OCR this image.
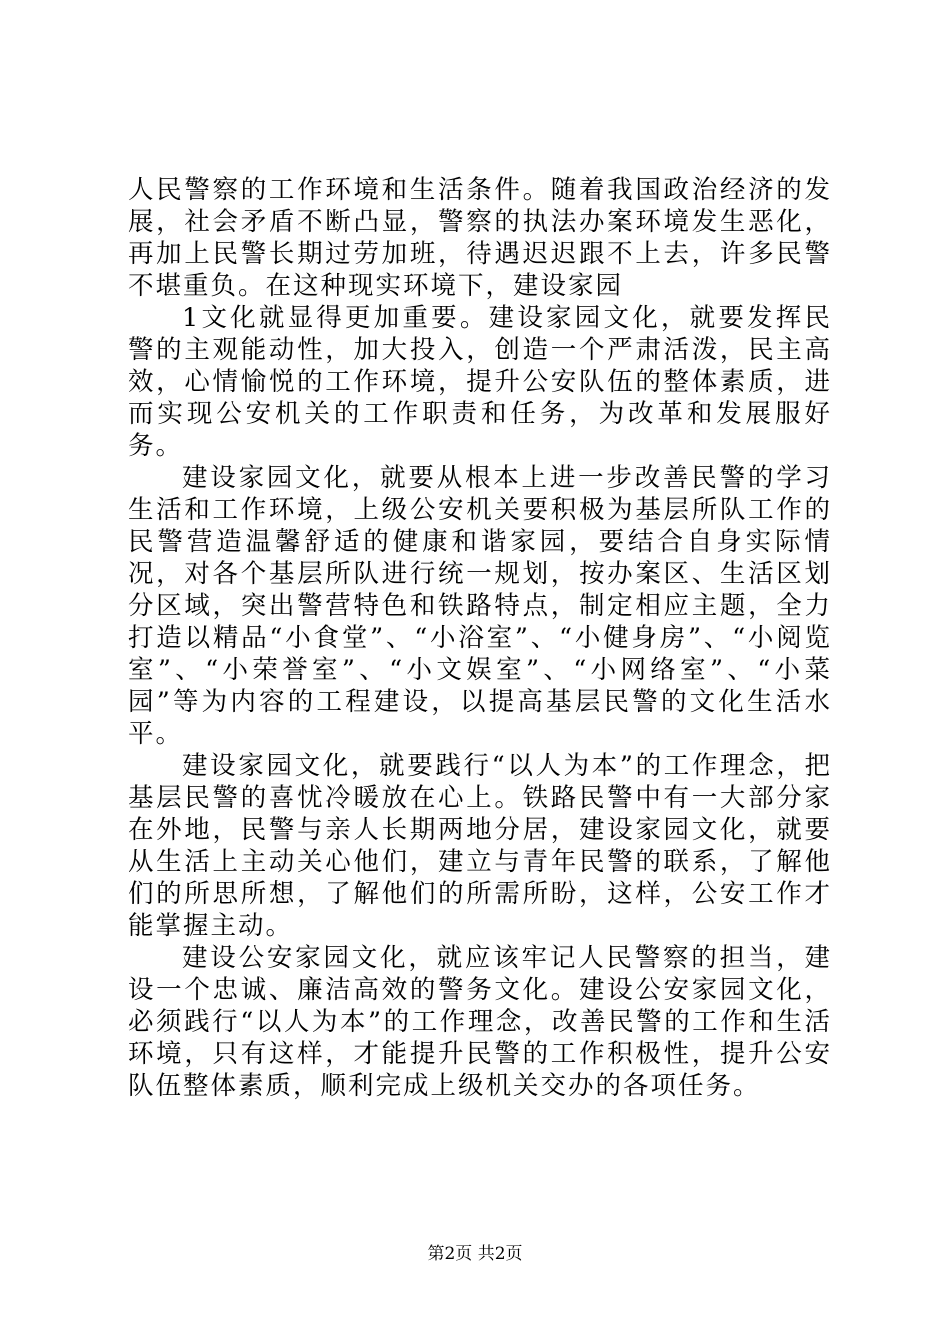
人民警察的工作环境和生活条件。随着我国政治经济的发展，社会矛盾不断凸显，警察的执法办案环境发生恶化，再加上民警长期过劳加班，待遇迟迟跟不上去，许多民警不堪重负。在这种现实环境下，建设家园

1文化就显得更加重要。建设家园文化，就要发挥民警的主观能动性，加大投入，创造一个严肃活泼，民主高效，心情愉悦的工作环境，提升公安队伍的整体素质，进而实现公安机关的工作职责和任务，为改革和发展服好务。

建设家园文化，就要从根本上进一步改善民警的学习生活和工作环境，上级公安机关要积极为基层所队工作的民警营造温馨舒适的健康和谐家园，要结合自身实际情况，对各个基层所队进行统一规划，按办案区、生活区划分区域，突出警营特色和铁路特点，制定相应主题，全力打造以精品“小食堂”、“小浴室”、“小健身房”、“小阅览室”、“小荣誉室”、“小文娱室”、“小网络室”、“小菜园”等为内容的工程建设，以提高基层民警的文化生活水平。

建设家园文化，就要践行“以人为本”的工作理念，把基层民警的喜忧冷暖放在心上。铁路民警中有一大部分家在外地，民警与亲人长期两地分居，建设家园文化，就要从生活上主动关心他们，建立与青年民警的联系，了解他们的所思所想，了解他们的所需所盼，这样，公安工作才能掌握主动。

建设公安家园文化，就应该牢记人民警察的担当，建设一个忠诚、廉洁高效的警务文化。建设公安家园文化，必须践行“以人为本”的工作理念，改善民警的工作和生活环境，只有这样，才能提升民警的工作积极性，提升公安队伍整体素质，顺利完成上级机关交办的各项任务。

第2页 共2页
